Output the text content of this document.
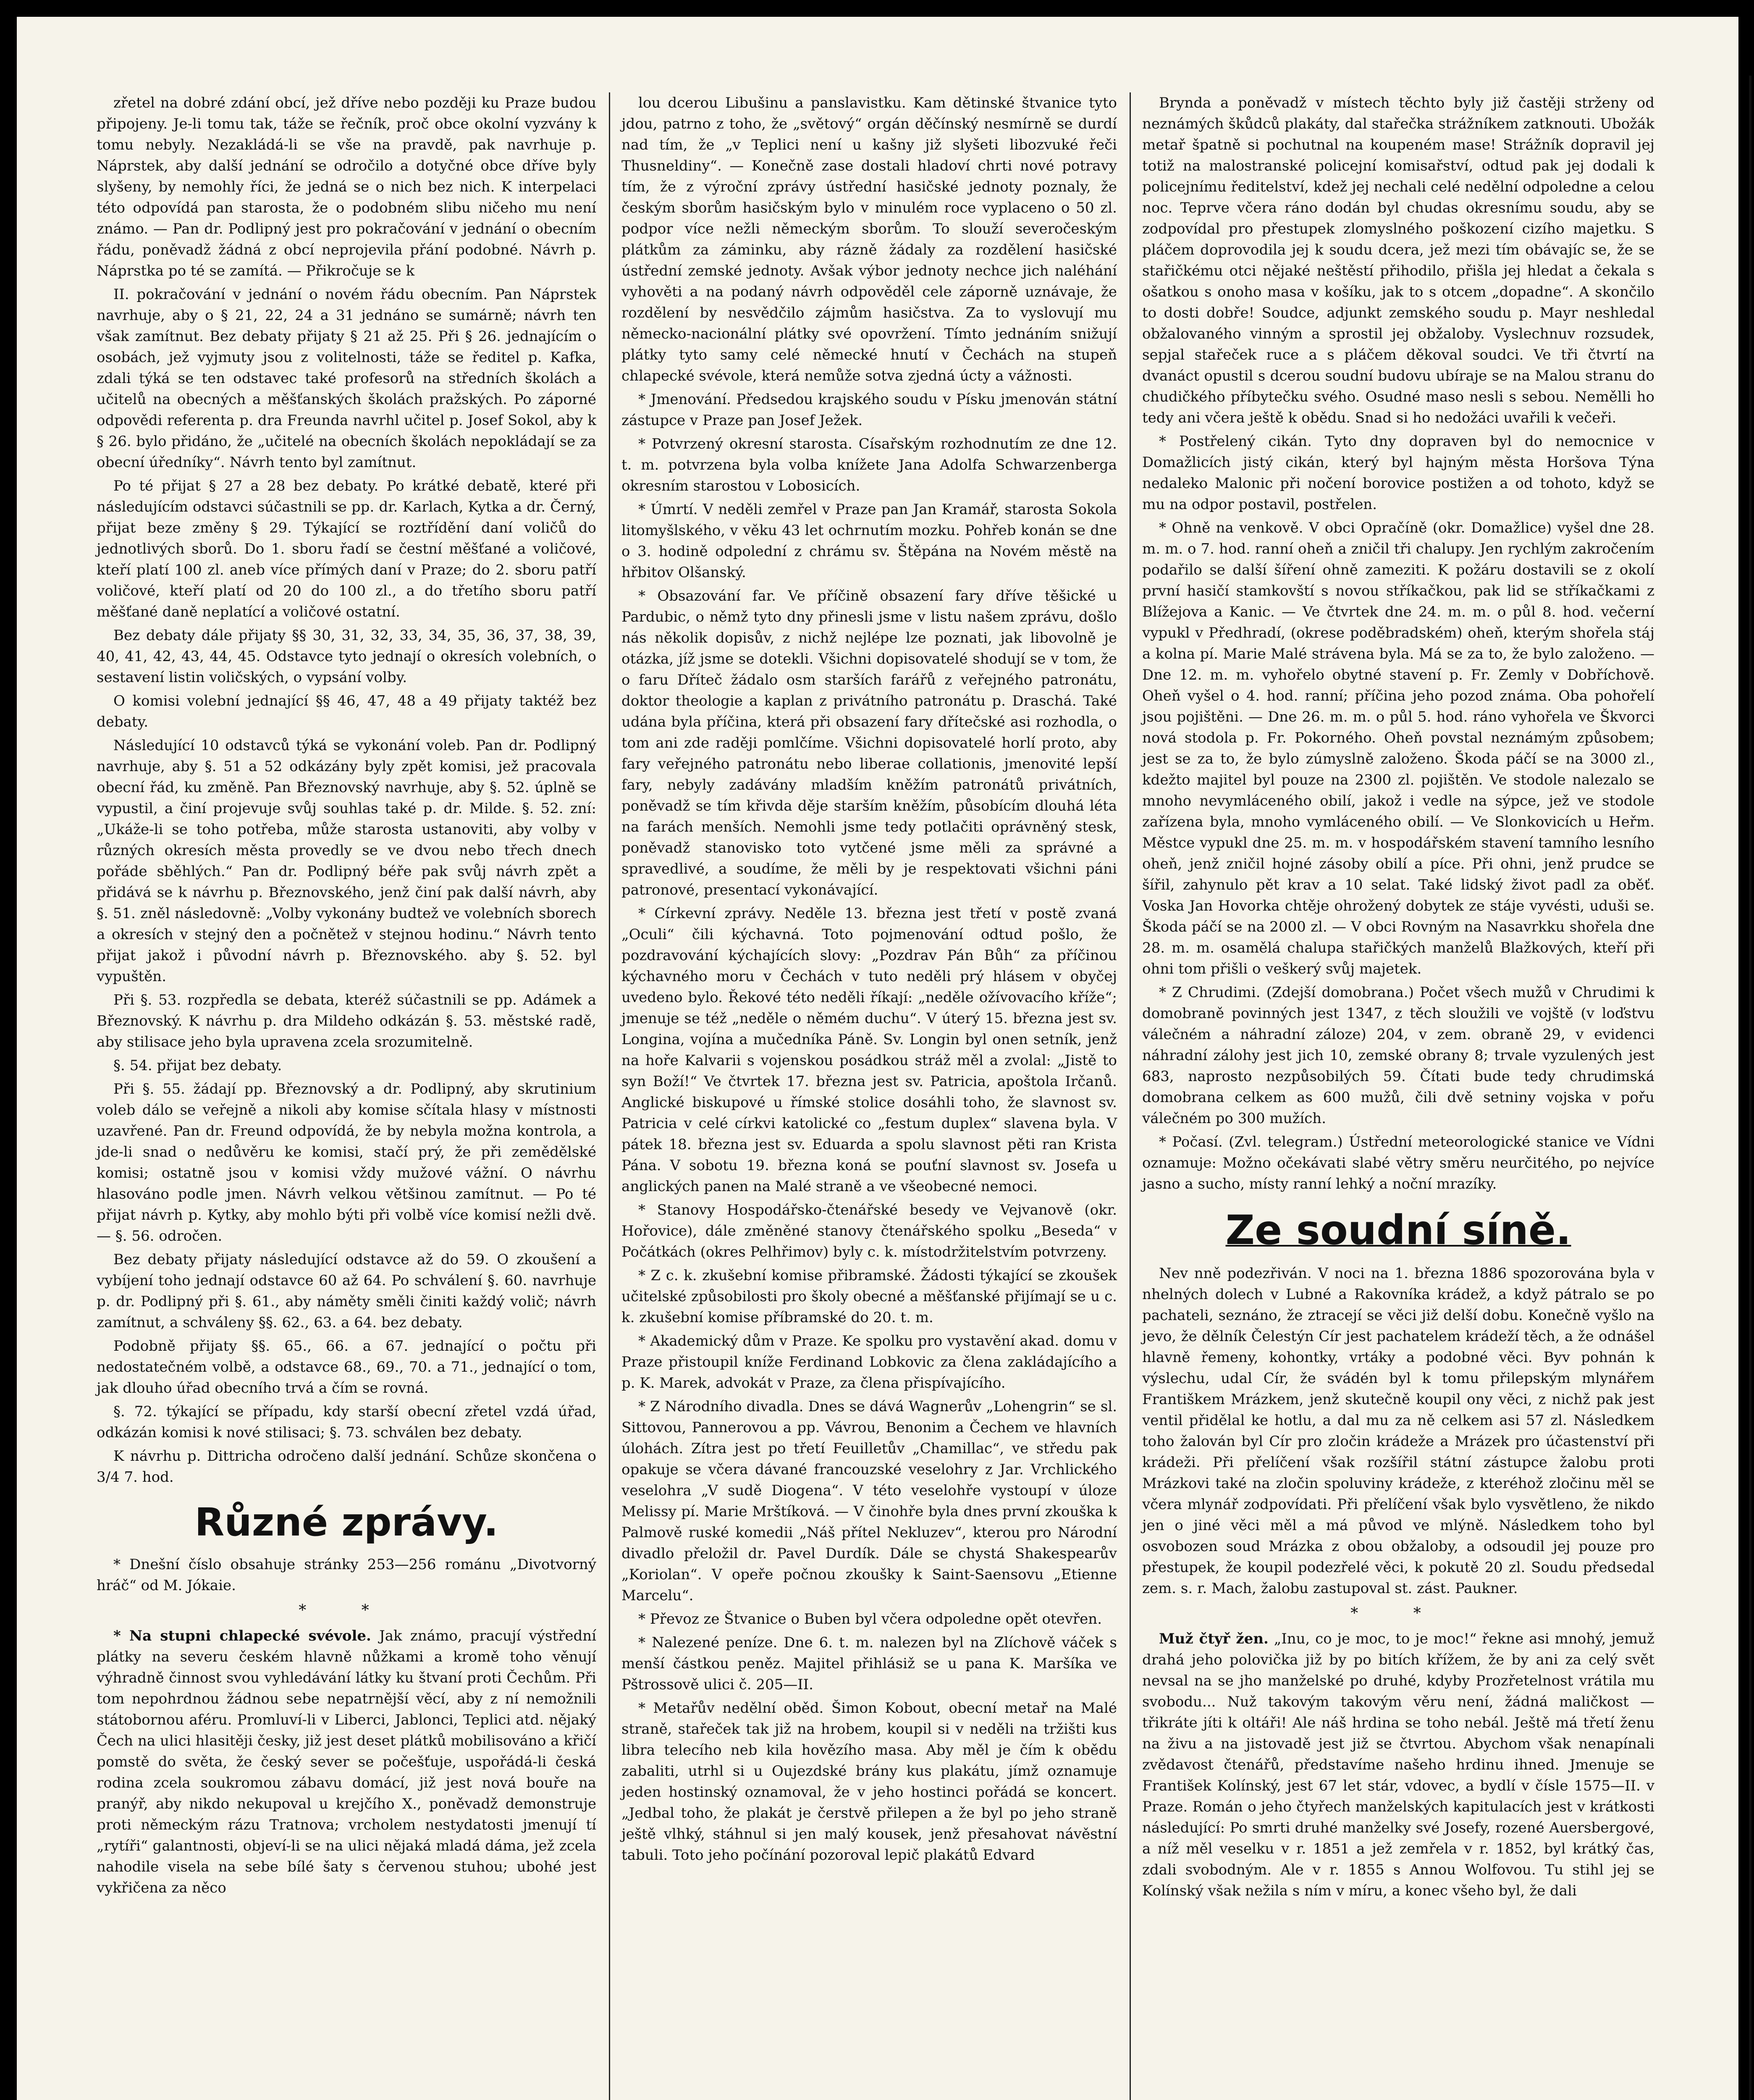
zřetel na dobré zdání obcí, jež dříve nebo později ku Praze budou připojeny. Je-li tomu tak, táže se řečník, proč obce okolní vyzvány k tomu nebyly. Nezakládá-li se vše na pravdě, pak navrhuje p. Náprstek, aby další jednání se odročilo a dotyčné obce dříve byly slyšeny, by nemohly říci, že jedná se o nich bez nich. K interpelaci této odpovídá pan starosta, že o podobném slibu ničeho mu není známo. — Pan dr. Podlipný jest pro pokračování v jednání o obecním řádu, poněvadž žádná z obcí neprojevila přání podobné. Návrh p. Náprstka po té se zamítá. — Přikročuje se k

II. pokračování v jednání o novém řádu obecním. Pan Náprstek navrhuje, aby o § 21, 22, 24 a 31 jednáno se sumárně; návrh ten však zamítnut. Bez debaty přijaty § 21 až 25. Při § 26. jednajícím o osobách, jež vyjmuty jsou z volitelnosti, táže se ředitel p. Kafka, zdali týká se ten odstavec také profesorů na středních školách a učitelů na obecných a měšťanských školách pražských. Po záporné odpovědi referenta p. dra Freunda navrhl učitel p. Josef Sokol, aby k § 26. bylo přidáno, že „učitelé na obecních školách nepokládají se za obecní úředníky“. Návrh tento byl zamítnut.

Po té přijat § 27 a 28 bez debaty. Po krátké debatě, které při následujícím odstavci súčastnili se pp. dr. Karlach, Kytka a dr. Černý, přijat beze změny § 29. Týkající se roztřídění daní voličů do jednotlivých sborů. Do 1. sboru řadí se čestní měšťané a voličové, kteří platí 100 zl. aneb více přímých daní v Praze; do 2. sboru patří voličové, kteří platí od 20 do 100 zl., a do třetího sboru patří měšťané daně neplatící a voličové ostatní.

Bez debaty dále přijaty §§ 30, 31, 32, 33, 34, 35, 36, 37, 38, 39, 40, 41, 42, 43, 44, 45. Odstavce tyto jednají o okresích volebních, o sestavení listin voličských, o vypsání volby.

O komisi volební jednající §§ 46, 47, 48 a 49 přijaty taktéž bez debaty.

Následující 10 odstavců týká se vykonání voleb. Pan dr. Podlipný navrhuje, aby §. 51 a 52 odkázány byly zpět komisi, jež pracovala obecní řád, ku změně. Pan Březnovský navrhuje, aby §. 52. úplně se vypustil, a činí projevuje svůj souhlas také p. dr. Milde. §. 52. zní: „Ukáže-li se toho potřeba, může starosta ustanoviti, aby volby v různých okresích města provedly se ve dvou nebo třech dnech pořáde sběhlých.“ Pan dr. Podlipný béře pak svůj návrh zpět a přidává se k návrhu p. Březnovského, jenž činí pak další návrh, aby §. 51. zněl následovně: „Volby vykonány budtež ve volebních sborech a okresích v stejný den a počnětež v stejnou hodinu.“ Návrh tento přijat jakož i původní návrh p. Březnovského. aby §. 52. byl vypuštěn.

Při §. 53. rozpředla se debata, kteréž súčastnili se pp. Adámek a Březnovský. K návrhu p. dra Mildeho odkázán §. 53. městské radě, aby stilisace jeho byla upravena zcela srozumitelně.

§. 54. přijat bez debaty.

Při §. 55. žádají pp. Březnovský a dr. Podlipný, aby skrutinium voleb dálo se veřejně a nikoli aby komise sčítala hlasy v místnosti uzavřené. Pan dr. Freund odpovídá, že by nebyla možna kontrola, a jde-li snad o nedůvěru ke komisi, stačí prý, že při zemědělské komisi; ostatně jsou v komisi vždy mužové vážní. O návrhu hlasováno podle jmen. Návrh velkou většinou zamítnut. — Po té přijat návrh p. Kytky, aby mohlo býti při volbě více komisí nežli dvě. — §. 56. odročen.

Bez debaty přijaty následující odstavce až do 59. O zkoušení a vybíjení toho jednají odstavce 60 až 64. Po schválení §. 60. navrhuje p. dr. Podlipný při §. 61., aby náměty směli činiti každý volič; návrh zamítnut, a schváleny §§. 62., 63. a 64. bez debaty.

Podobně přijaty §§. 65., 66. a 67. jednající o počtu při nedostatečném volbě, a odstavce 68., 69., 70. a 71., jednající o tom, jak dlouho úřad obecního trvá a čím se rovná.

§. 72. týkající se případu, kdy starší obecní zřetel vzdá úřad, odkázán komisi k nové stilisaci; §. 73. schválen bez debaty.

K návrhu p. Dittricha odročeno další jednání. Schůze skončena o 3/4 7. hod.

Různé zprávy.

* Dnešní číslo obsahuje stránky 253—256 románu „Divotvorný hráč“ od M. Jókaie.

* *

* Na stupni chlapecké svévole. Jak známo, pracují výstřední plátky na severu českém hlavně nůžkami a kromě toho věnují výhradně činnost svou vyhledávání látky ku štvaní proti Čechům. Při tom nepohrdnou žádnou sebe nepatrnější věcí, aby z ní nemožnili státobornou aféru. Promluví-li v Liberci, Jablonci, Teplici atd. nějaký Čech na ulici hlasitěji česky, již jest deset plátků mobilisováno a křičí pomstě do světa, že český sever se počešťuje, uspořádá-li česká rodina zcela soukromou zábavu domácí, již jest nová bouře na pranýř, aby nikdo nekupoval u krejčího X., poněvadž demonstruje proti německým rázu Tratnova; vrcholem nestydatosti jmenují tí „rytíři“ galantnosti, objeví-li se na ulici nějaká mladá dáma, jež zcela nahodile visela na sebe bílé šaty s červenou stuhou; ubohé jest vykřičena za něco

lou dcerou Libušinu a panslavistku. Kam dětinské štvanice tyto jdou, patrno z toho, že „světový“ orgán děčínský nesmírně se durdí nad tím, že „v Teplici není u kašny již slyšeti libozvuké řeči Thusneldiny“. — Konečně zase dostali hladoví chrti nové potravy tím, že z výroční zprávy ústřední hasičské jednoty poznaly, že českým sborům hasičským bylo v minulém roce vyplaceno o 50 zl. podpor více nežli německým sborům. To slouží severočeským plátkům za záminku, aby rázně žádaly za rozdělení hasičské ústřední zemské jednoty. Avšak výbor jednoty nechce jich naléhání vyhověti a na podaný návrh odpověděl cele záporně uznávaje, že rozdělení by nesvědčilo zájmům hasičstva. Za to vyslovují mu německo-nacionální plátky své opovržení. Tímto jednáním snižují plátky tyto samy celé německé hnutí v Čechách na stupeň chlapecké svévole, která nemůže sotva zjedná úcty a vážnosti.

* Jmenování. Předsedou krajského soudu v Písku jmenován státní zástupce v Praze pan Josef Ježek.

* Potvrzený okresní starosta. Císařským rozhodnutím ze dne 12. t. m. potvrzena byla volba knížete Jana Adolfa Schwarzenberga okresním starostou v Lobosicích.

* Úmrtí. V neděli zemřel v Praze pan Jan Kramář, starosta Sokola litomyšlského, v věku 43 let ochrnutím mozku. Pohřeb konán se dne o 3. hodině odpolední z chrámu sv. Štěpána na Novém městě na hřbitov Olšanský.

* Obsazování far. Ve příčině obsazení fary dříve těšické u Pardubic, o němž tyto dny přinesli jsme v listu našem zprávu, došlo nás několik dopisův, z nichž nejlépe lze poznati, jak libovolně je otázka, jíž jsme se dotekli. Všichni dopisovatelé shodují se v tom, že o faru Dříteč žádalo osm starších farářů z veřejného patronátu, doktor theologie a kaplan z privátního patronátu p. Draschá. Také udána byla příčina, která při obsazení fary dřítečské asi rozhodla, o tom ani zde raději pomlčíme. Všichni dopisovatelé horlí proto, aby fary veřejného patronátu nebo liberae collationis, jmenovité lepší fary, nebyly zadávány mladším kněžím patronátů privátních, poněvadž se tím křivda děje starším kněžím, působícím dlouhá léta na farách menších. Nemohli jsme tedy potlačiti oprávněný stesk, poněvadž stanovisko toto vytčené jsme měli za správné a spravedlivé, a soudíme, že měli by je respektovati všichni páni patronové, presentací vykonávající.

* Církevní zprávy. Neděle 13. března jest třetí v postě zvaná „Oculi“ čili kýchavná. Toto pojmenování odtud pošlo, že pozdravování kýchajících slovy: „Pozdrav Pán Bůh“ za příčinou kýchavného moru v Čechách v tuto neděli prý hlásem v obyčej uvedeno bylo. Řekové této neděli říkají: „neděle ožívovacího kříže“; jmenuje se též „neděle o němém duchu“. V úterý 15. března jest sv. Longina, vojína a mučedníka Páně. Sv. Longin byl onen setník, jenž na hoře Kalvarii s vojenskou posádkou stráž měl a zvolal: „Jistě to syn Boží!“ Ve čtvrtek 17. března jest sv. Patricia, apoštola Irčanů. Anglické biskupové u římské stolice dosáhli toho, že slavnost sv. Patricia v celé církvi katolické co „festum duplex“ slavena byla. V pátek 18. března jest sv. Eduarda a spolu slavnost pěti ran Krista Pána. V sobotu 19. března koná se pouťní slavnost sv. Josefa u anglických panen na Malé straně a ve všeobecné nemoci.

* Stanovy Hospodářsko-čtenářské besedy ve Vejvanově (okr. Hořovice), dále změněné stanovy čtenářského spolku „Beseda“ v Počátkách (okres Pelhřimov) byly c. k. místodržitelstvím potvrzeny.

* Z c. k. zkušební komise přibramské. Žádosti týkající se zkoušek učitelské způsobilosti pro školy obecné a měšťanské přijímají se u c. k. zkušební komise příbramské do 20. t. m.

* Akademický dům v Praze. Ke spolku pro vystavění akad. domu v Praze přistoupil kníže Ferdinand Lobkovic za člena zakládajícího a p. K. Marek, advokát v Praze, za člena přispívajícího.

* Z Národního divadla. Dnes se dává Wagnerův „Lohengrin“ se sl. Sittovou, Pannerovou a pp. Vávrou, Benonim a Čechem ve hlavních úlohách. Zítra jest po třetí Feuilletův „Chamillac“, ve středu pak opakuje se včera dávané francouzské veselohry z Jar. Vrchlického veselohra „V sudě Diogena“. V této veselohře vystoupí v úloze Melissy pí. Marie Mrštíková. — V činohře byla dnes první zkouška k Palmově ruské komedii „Náš přítel Nekluzev“, kterou pro Národní divadlo přeložil dr. Pavel Durdík. Dále se chystá Shakespearův „Koriolan“. V opeře počnou zkoušky k Saint-Saensovu „Etienne Marcelu“.

* Převoz ze Štvanice o Buben byl včera odpoledne opět otevřen.

* Nalezené peníze. Dne 6. t. m. nalezen byl na Zlíchově váček s menší částkou peněz. Majitel přihlásiž se u pana K. Maršíka ve Pštrossově ulici č. 205—II.

* Metařův nedělní oběd. Šimon Kobout, obecní metař na Malé straně, stařeček tak již na hrobem, koupil si v neděli na tržišti kus libra telecího neb kila hovězího masa. Aby měl je čím k obědu zabaliti, utrhl si u Oujezdské brány kus plakátu, jímž oznamuje jeden hostinský oznamoval, že v jeho hostinci pořádá se koncert. „Jedbal toho, že plakát je čerstvě přilepen a že byl po jeho straně ještě vlhký, stáhnul si jen malý kousek, jenž přesahovat návěstní tabuli. Toto jeho počínání pozoroval lepič plakátů Edvard

Brynda a poněvadž v místech těchto byly již častěji strženy od neznámých škůdců plakáty, dal stařečka strážníkem zatknouti. Ubožák metař špatně si pochutnal na koupeném mase! Strážník dopravil jej totiž na malostranské policejní komisařství, odtud pak jej dodali k policejnímu ředitelství, kdež jej nechali celé nedělní odpoledne a celou noc. Teprve včera ráno dodán byl chudas okresnímu soudu, aby se zodpovídal pro přestupek zlomyslného poškození cizího majetku. S pláčem doprovodila jej k soudu dcera, jež mezi tím obávajíc se, že se stařičkému otci nějaké neštěstí přihodilo, přišla jej hledat a čekala s ošatkou s onoho masa v košíku, jak to s otcem „dopadne“. A skončilo to dosti dobře! Soudce, adjunkt zemského soudu p. Mayr neshledal obžalovaného vinným a sprostil jej obžaloby. Vyslechnuv rozsudek, sepjal stařeček ruce a s pláčem děkoval soudci. Ve tři čtvrtí na dvanáct opustil s dcerou soudní budovu ubíraje se na Malou stranu do chudičkého příbytečku svého. Osudné maso nesli s sebou. Nemělli ho tedy ani včera ještě k obědu. Snad si ho nedožáci uvařili k večeři.

* Postřelený cikán. Tyto dny dopraven byl do nemocnice v Domažlicích jistý cikán, který byl hajným města Horšova Týna nedaleko Malonic při nočení borovice postižen a od tohoto, když se mu na odpor postavil, postřelen.

* Ohně na venkově. V obci Opračíně (okr. Domažlice) vyšel dne 28. m. m. o 7. hod. ranní oheň a zničil tři chalupy. Jen rychlým zakročením podařilo se další šíření ohně zameziti. K požáru dostavili se z okolí první hasičí stamkovští s novou stříkačkou, pak lid se stříkačkami z Blížejova a Kanic. — Ve čtvrtek dne 24. m. m. o půl 8. hod. večerní vypukl v Předhradí, (okrese poděbradském) oheň, kterým shořela stáj a kolna pí. Marie Malé strávena byla. Má se za to, že bylo založeno. — Dne 12. m. m. vyhořelo obytné stavení p. Fr. Zemly v Dobříchově. Oheň vyšel o 4. hod. ranní; příčina jeho pozod známa. Oba pohořelí jsou pojištěni. — Dne 26. m. m. o půl 5. hod. ráno vyhořela ve Škvorci nová stodola p. Fr. Pokorného. Oheň povstal neznámým způsobem; jest se za to, že bylo zúmyslně založeno. Škoda páčí se na 3000 zl., kdežto majitel byl pouze na 2300 zl. pojištěn. Ve stodole nalezalo se mnoho nevymláceného obilí, jakož i vedle na sýpce, jež ve stodole zařízena byla, mnoho vymláceného obilí. — Ve Slonkovicích u Heřm. Městce vypukl dne 25. m. m. v hospodářském stavení tamního lesního oheň, jenž zničil hojné zásoby obilí a píce. Při ohni, jenž prudce se šířil, zahynulo pět krav a 10 selat. Také lidský život padl za oběť. Voska Jan Hovorka chtěje ohrožený dobytek ze stáje vyvésti, uduši se. Škoda páčí se na 2000 zl. — V obci Rovným na Nasavrkku shořela dne 28. m. m. osamělá chalupa stařičkých manželů Blažkových, kteří při ohni tom přišli o veškerý svůj majetek.

* Z Chrudimi. (Zdejší domobrana.) Počet všech mužů v Chrudimi k domobraně povinných jest 1347, z těch sloužili ve vojště (v loďstvu válečném a náhradní záloze) 204, v zem. obraně 29, v evidenci náhradní zálohy jest jich 10, zemské obrany 8; trvale vyzulených jest 683, naprosto nezpůsobilých 59. Čítati bude tedy chrudimská domobrana celkem as 600 mužů, čili dvě setniny vojska v pořu válečném po 300 mužích.

* Počasí. (Zvl. telegram.) Ústřední meteorologické stanice ve Vídni oznamuje: Možno očekávati slabé větry směru neurčitého, po nejvíce jasno a sucho, místy ranní lehký a noční mrazíky.

Ze soudní síně.

Nev nně podezřiván. V noci na 1. března 1886 spozorována byla v nhelných dolech v Lubné a Rakovníka krádež, a když pátralo se po pachateli, seznáno, že ztracejí se věci již delší dobu. Konečně vyšlo na jevo, že dělník Čelestýn Cír jest pachatelem krádeží těch, a že odnášel hlavně řemeny, kohontky, vrtáky a podobné věci. Byv pohnán k výslechu, udal Cír, že svádén byl k tomu přilepským mlynářem Františkem Mrázkem, jenž skutečně koupil ony věci, z nichž pak jest ventil přidělal ke hotlu, a dal mu za ně celkem asi 57 zl. Následkem toho žalován byl Cír pro zločin krádeže a Mrázek pro účastenství při krádeži. Při přelíčení však rozšířil státní zástupce žalobu proti Mrázkovi také na zločin spoluviny krádeže, z kteréhož zločinu měl se včera mlynář zodpovídati. Při přelíčení však bylo vysvětleno, že nikdo jen o jiné věci měl a má původ ve mlýně. Následkem toho byl osvobozen soud Mrázka z obou obžaloby, a odsoudil jej pouze pro přestupek, že koupil podezřelé věci, k pokutě 20 zl. Soudu předsedal zem. s. r. Mach, žalobu zastupoval st. zást. Paukner.

* *

Muž čtyř žen. „Inu, co je moc, to je moc!“ řekne asi mnohý, jemuž drahá jeho polovička již by po bitích křížem, že by ani za celý svět nevsal na se jho manželské po druhé, kdyby Prozřetelnost vrátila mu svobodu... Nuž takovým takovým věru není, žádná maličkost — třikráte jíti k oltáři! Ale náš hrdina se toho nebál. Ještě má třetí ženu na živu a na jistovadě jest již se čtvrtou. Abychom však nenapínali zvědavost čtenářů, představíme našeho hrdinu ihned. Jmenuje se František Kolínský, jest 67 let stár, vdovec, a bydlí v čísle 1575—II. v Praze. Román o jeho čtyřech manželských kapitulacích jest v krátkosti následující: Po smrti druhé manželky své Josefy, rozené Auersbergové, a níž měl veselku v r. 1851 a jež zemřela v r. 1852, byl krátký čas, zdali svobodným. Ale v r. 1855 s Annou Wolfovou. Tu stihl jej se Kolínský však nežila s ním v míru, a konec všeho byl, že dali
